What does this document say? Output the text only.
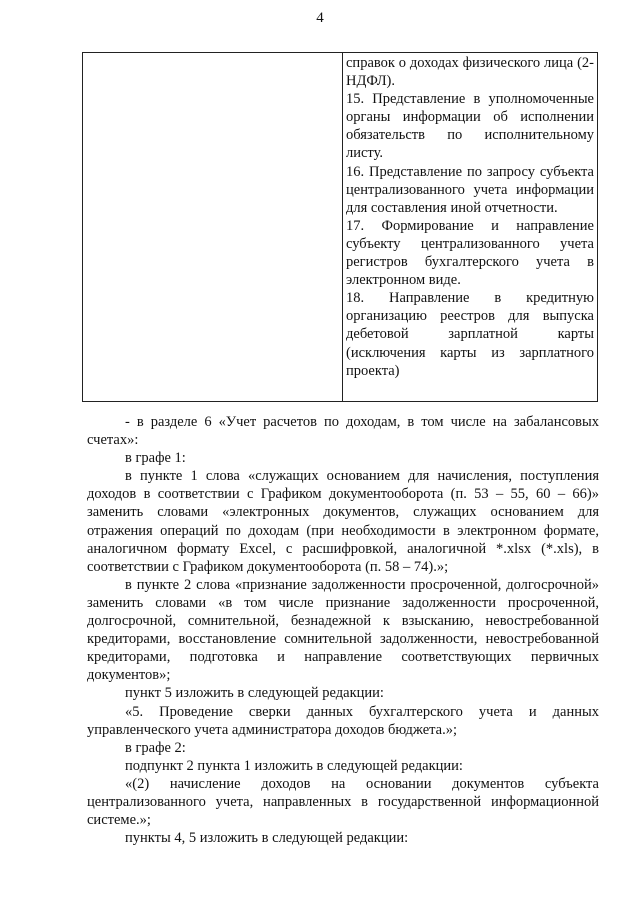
4

справок о доходах физического лица (2-НДФЛ).

15. Представление в уполномоченные органы информации об исполнении обязательств по исполнительному листу.

16. Представление по запросу субъекта централизованного учета информации для составления иной отчетности.

17. Формирование и направление субъекту централизованного учета регистров бухгалтерского учета в электронном виде.

18. Направление в кредитную организацию реестров для выпуска дебетовой зарплатной карты (исключения карты из зарплатного проекта)

- в разделе 6 «Учет расчетов по доходам, в том числе на забалансовых счетах»:

в графе 1:

в пункте 1 слова «служащих основанием для начисления, поступления доходов в соответствии с Графиком документооборота (п. 53 – 55, 60 – 66)» заменить словами «электронных документов, служащих основанием для отражения операций по доходам (при необходимости в электронном формате, аналогичном формату Excel, с расшифровкой, аналогичной *.xlsx (*.xls), в соответствии с Графиком документооборота (п. 58 – 74).»;

в пункте 2 слова «признание задолженности просроченной, долгосрочной» заменить словами «в том числе признание задолженности просроченной, долгосрочной, сомнительной, безнадежной к взысканию, невостребованной кредиторами, восстановление сомнительной задолженности, невостребованной кредиторами, подготовка и направление соответствующих первичных документов»;

пункт 5 изложить в следующей редакции:

«5. Проведение сверки данных бухгалтерского учета и данных управленческого учета администратора доходов бюджета.»;

в графе 2:

подпункт 2 пункта 1 изложить в следующей редакции:

«(2) начисление доходов на основании документов субъекта централизованного учета, направленных в государственной информационной системе.»;

пункты 4, 5 изложить в следующей редакции:
